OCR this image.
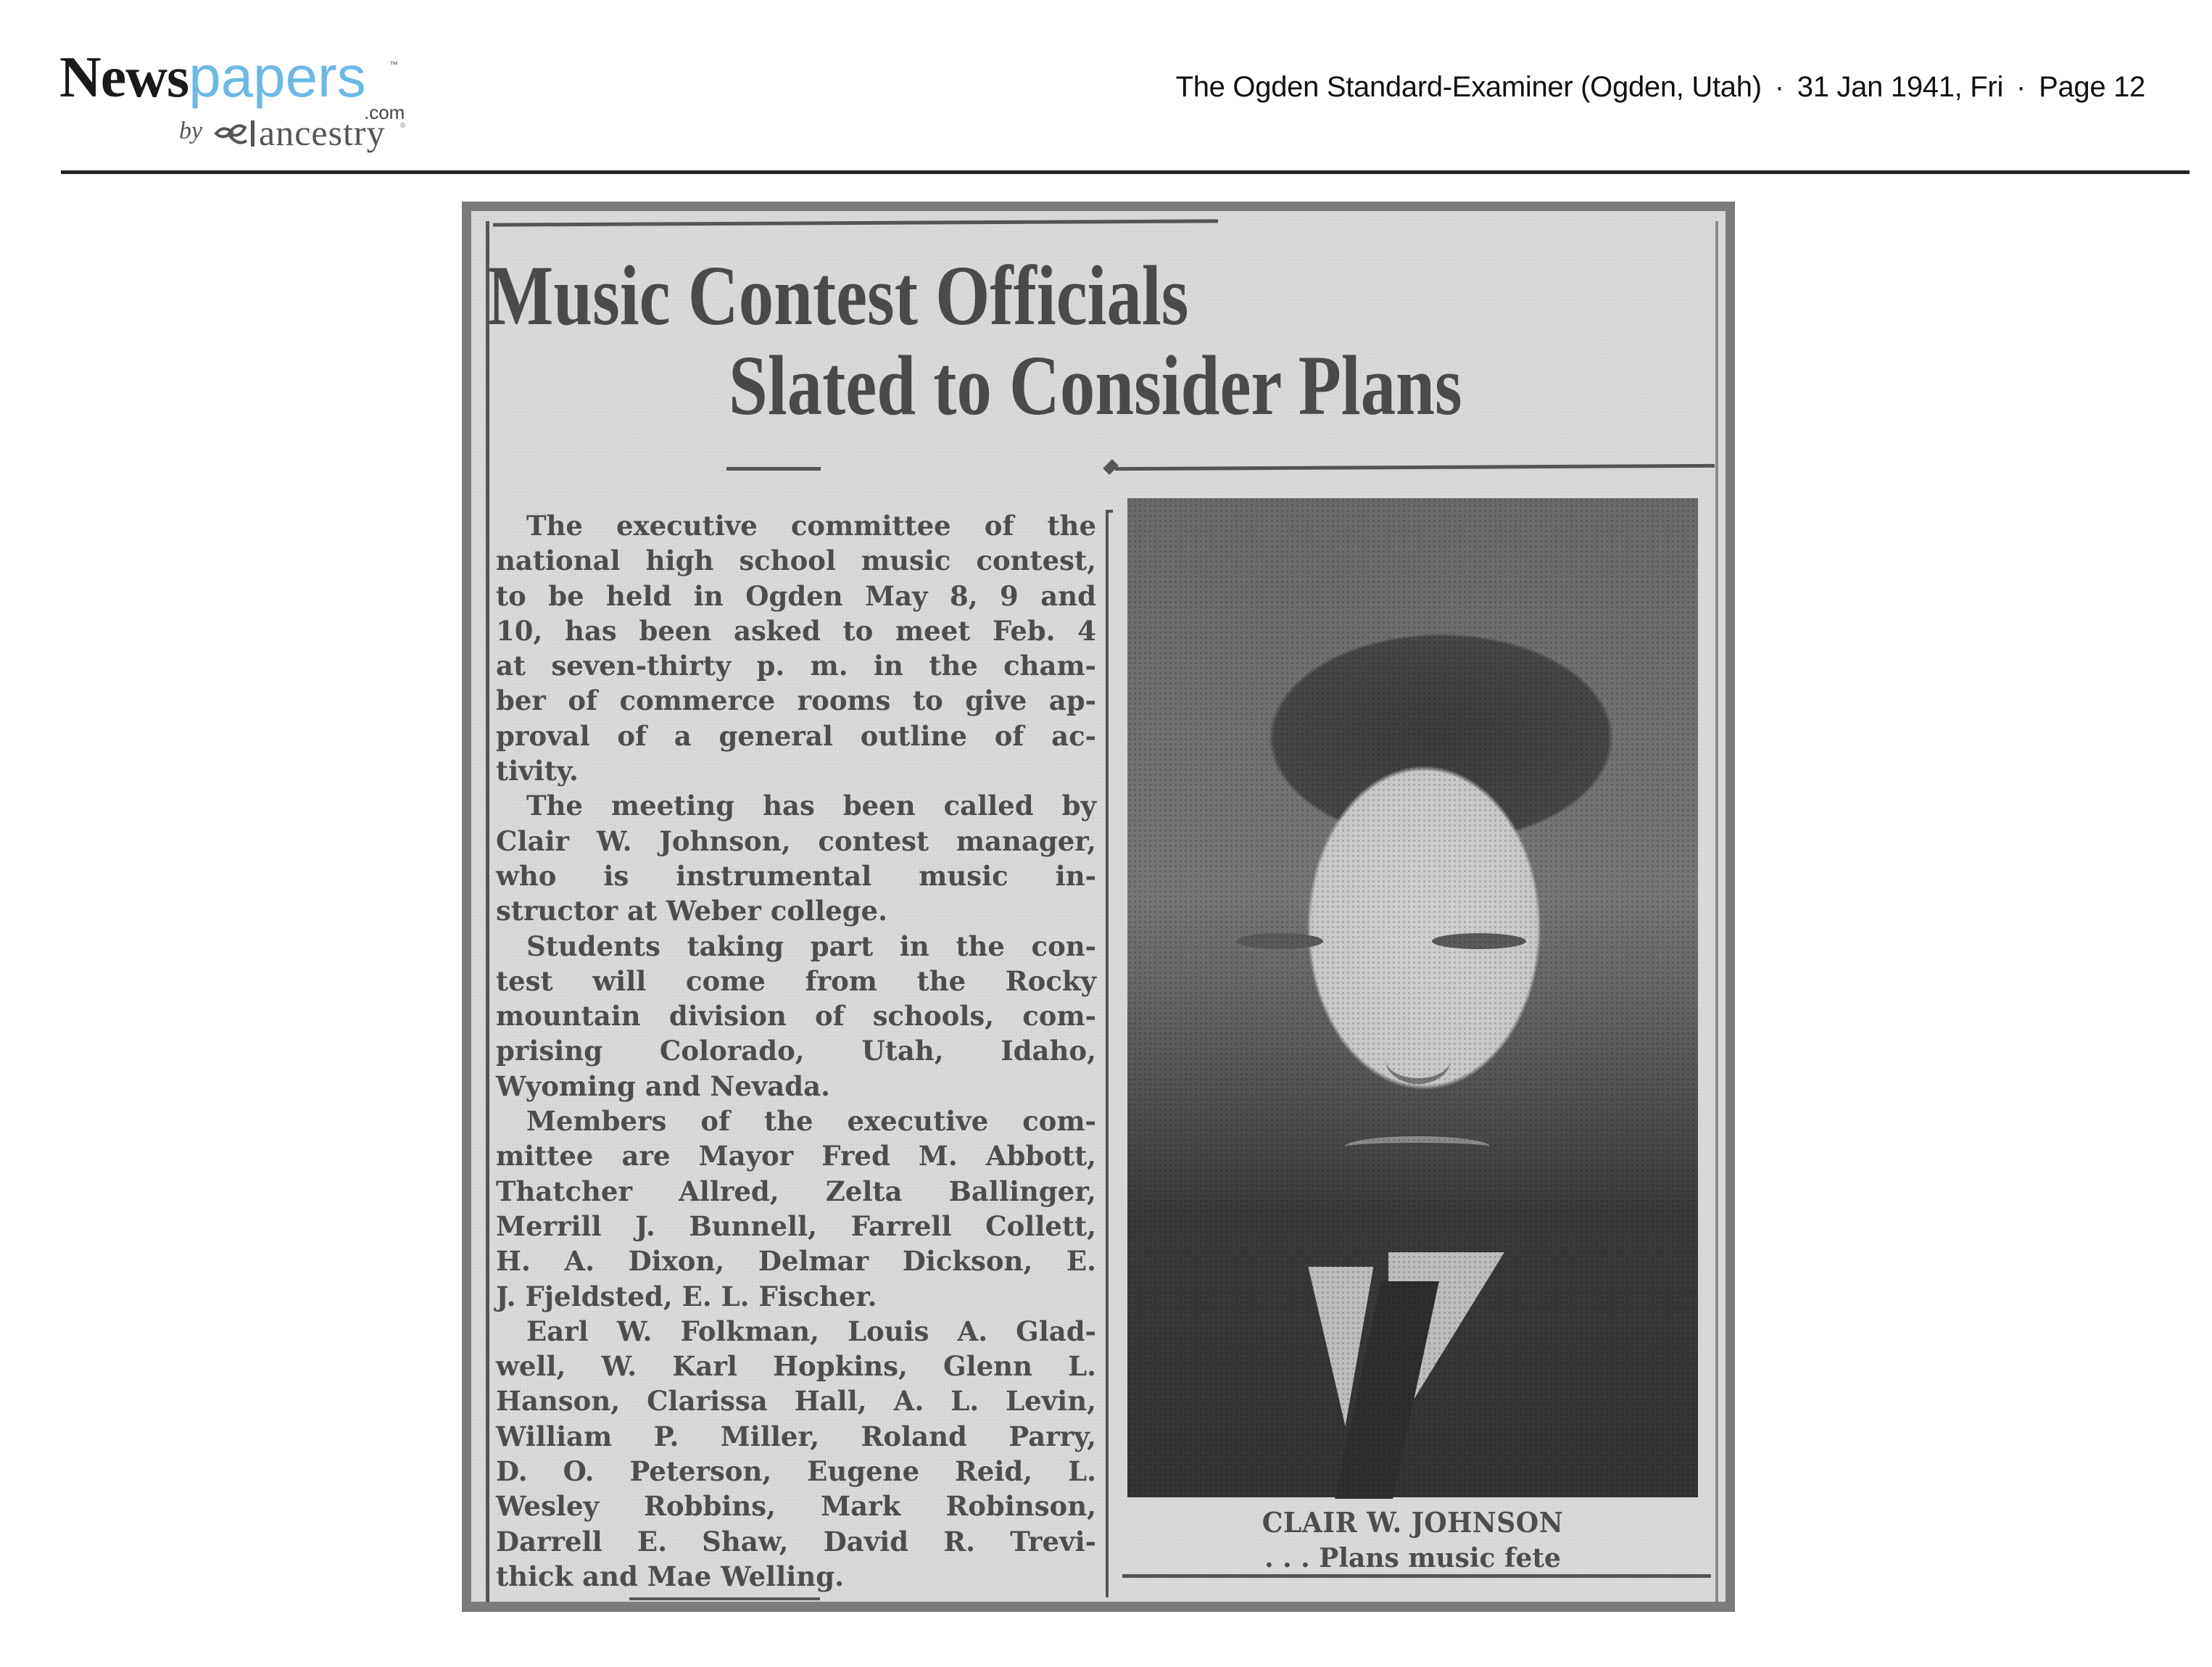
Newspapers	™
.com
by ancestry ®
The Ogden Standard-Examiner (Ogden, Utah) · 31 Jan 1941, Fri · Page 12
Music Contest Officials
Slated to Consider Plans
The executive committee of the
national high school music contest,
to be held in Ogden May 8, 9 and
10, has been asked to meet Feb. 4
at seven-thirty p. m. in the cham-
ber of commerce rooms to give ap-
proval of a general outline of ac-
tivity.
The meeting has been called by
Clair W. Johnson, contest manager,
who is instrumental music in-
structor at Weber college.
Students taking part in the con-
test will come from the Rocky
mountain division of schools, com-
prising Colorado, Utah, Idaho,
Wyoming and Nevada.
Members of the executive com-
mittee are Mayor Fred M. Abbott,
Thatcher Allred, Zelta Ballinger,
Merrill J. Bunnell, Farrell Collett,
H. A. Dixon, Delmar Dickson, E.
J. Fjeldsted, E. L. Fischer.
Earl W. Folkman, Louis A. Glad-
well, W. Karl Hopkins, Glenn L.
Hanson, Clarissa Hall, A. L. Levin,
William P. Miller, Roland Parry,
D. O. Peterson, Eugene Reid, L.
Wesley Robbins, Mark Robinson,
Darrell E. Shaw, David R. Trevi-
thick and Mae Welling.
CLAIR W. JOHNSON
. . . Plans music fete
